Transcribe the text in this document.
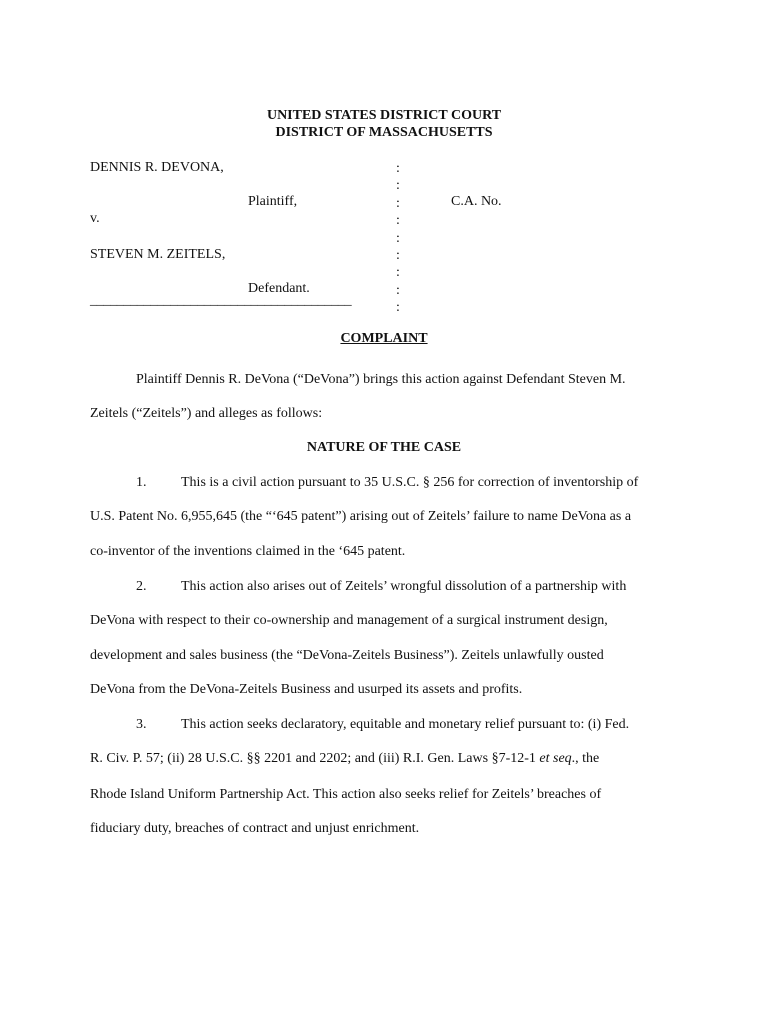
UNITED STATES DISTRICT COURT
DISTRICT OF MASSACHUSETTS
DENNIS R. DEVONA,
Plaintiff,	C.A. No.
v.
STEVEN M. ZEITELS,
Defendant.
_______________________________________
:
:
:
:
:
:
:
:
:
COMPLAINT
Plaintiff Dennis R. DeVona (“DeVona”) brings this action against Defendant Steven M.
Zeitels (“Zeitels”) and alleges as follows:
NATURE OF THE CASE
1. This is a civil action pursuant to 35 U.S.C. § 256 for correction of inventorship of
U.S. Patent No. 6,955,645 (the “‘645 patent”) arising out of Zeitels’ failure to name DeVona as a
co-inventor of the inventions claimed in the ‘645 patent.
2. This action also arises out of Zeitels’ wrongful dissolution of a partnership with
DeVona with respect to their co-ownership and management of a surgical instrument design,
development and sales business (the “DeVona-Zeitels Business”). Zeitels unlawfully ousted
DeVona from the DeVona-Zeitels Business and usurped its assets and profits.
3. This action seeks declaratory, equitable and monetary relief pursuant to: (i) Fed.
R. Civ. P. 57; (ii) 28 U.S.C. §§ 2201 and 2202; and (iii) R.I. Gen. Laws §7-12-1 et seq., the
Rhode Island Uniform Partnership Act. This action also seeks relief for Zeitels’ breaches of
fiduciary duty, breaches of contract and unjust enrichment.
